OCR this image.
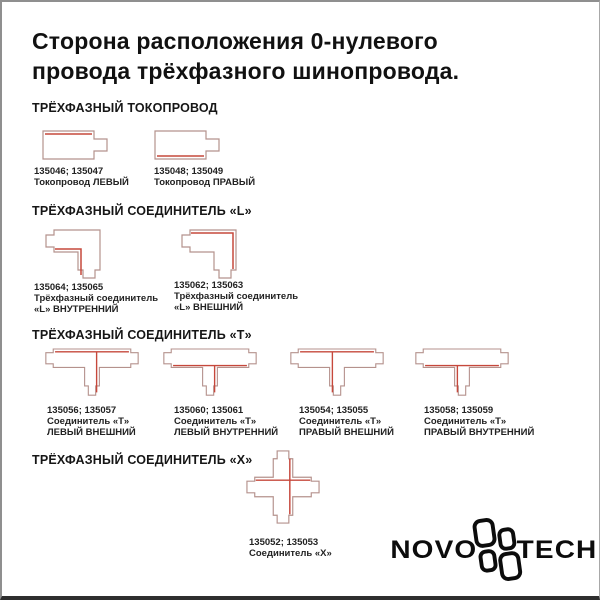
Сторона расположения 0-нулевого
провода трёхфазного шинопровода.
ТРЁХФАЗНЫЙ ТОКОПРОВОД
135046; 135047
Токопровод ЛЕВЫЙ
135048; 135049
Токопровод ПРАВЫЙ
ТРЁХФАЗНЫЙ СОЕДИНИТЕЛЬ «L»
135064; 135065
Трёхфазный соединитель
«L» ВНУТРЕННИЙ
135062; 135063
Трёхфазный соединитель
«L» ВНЕШНИЙ
ТРЁХФАЗНЫЙ СОЕДИНИТЕЛЬ «Т»
135056; 135057
Соединитель «Т»
ЛЕВЫЙ ВНЕШНИЙ
135060; 135061
Соединитель «Т»
ЛЕВЫЙ ВНУТРЕННИЙ
135054; 135055
Соединитель «Т»
ПРАВЫЙ ВНЕШНИЙ
135058; 135059
Соединитель «Т»
ПРАВЫЙ ВНУТРЕННИЙ
ТРЁХФАЗНЫЙ СОЕДИНИТЕЛЬ «Х»
135052; 135053
Соединитель «Х» NOVO TECH
